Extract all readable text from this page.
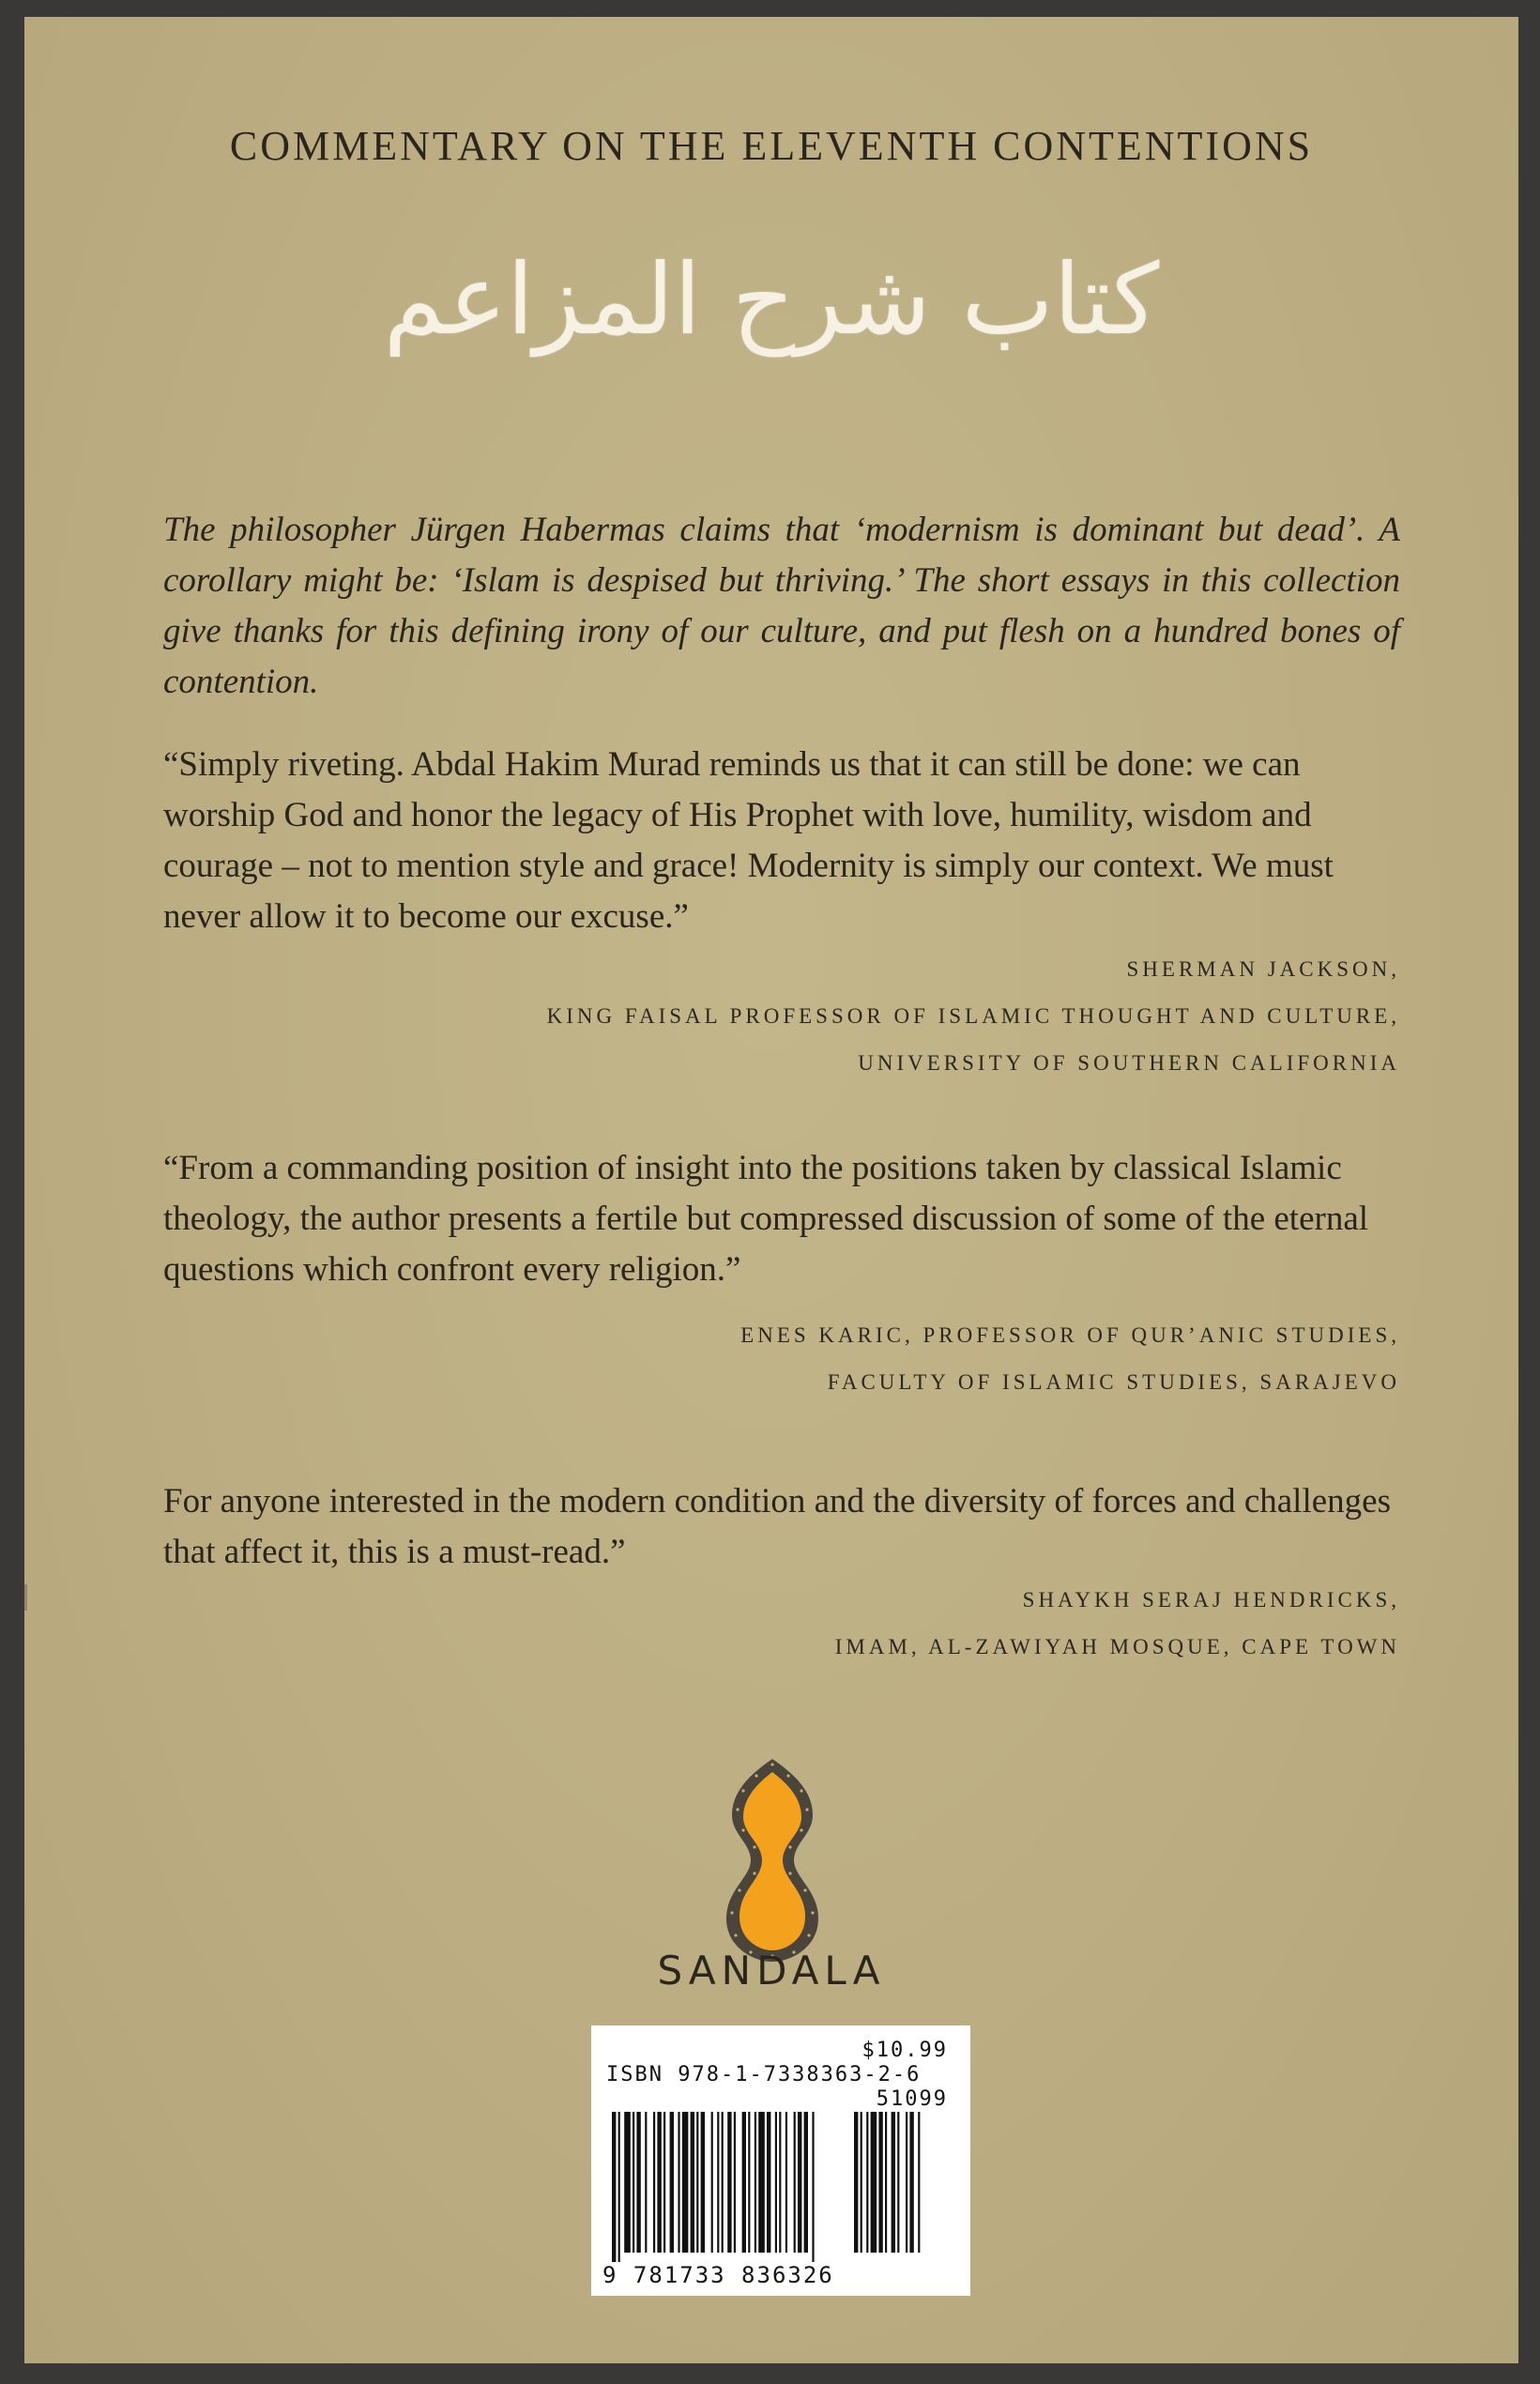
COMMENTARY ON THE ELEVENTH CONTENTIONS
كتاب شرح المزاعم
The philosopher Jürgen Habermas claims that ‘modernism is dominant but dead’. A corollary might be: ‘Islam is despised but thriving.’ The short essays in this collection give thanks for this defining irony of our culture, and put flesh on a hundred bones of contention.
“Simply riveting. Abdal Hakim Murad reminds us that it can still be done: we can worship God and honor the legacy of His Prophet with love, humility, wisdom and courage – not to mention style and grace! Modernity is simply our context. We must never allow it to become our excuse.”
SHERMAN JACKSON,
KING FAISAL PROFESSOR OF ISLAMIC THOUGHT AND CULTURE,
UNIVERSITY OF SOUTHERN CALIFORNIA
“From a commanding position of insight into the positions taken by classical Islamic theology, the author presents a fertile but compressed discussion of some of the eternal questions which confront every religion.”
ENES KARIC, PROFESSOR OF QUR’ANIC STUDIES,
FACULTY OF ISLAMIC STUDIES, SARAJEVO
For anyone interested in the modern condition and the diversity of forces and challenges that affect it, this is a must-read.”
SHAYKH SERAJ HENDRICKS,
IMAM, AL-ZAWIYAH MOSQUE, CAPE TOWN
SANDALA
$10.99
ISBN 978-1-7338363-2-6
51099
9 781733 836326
